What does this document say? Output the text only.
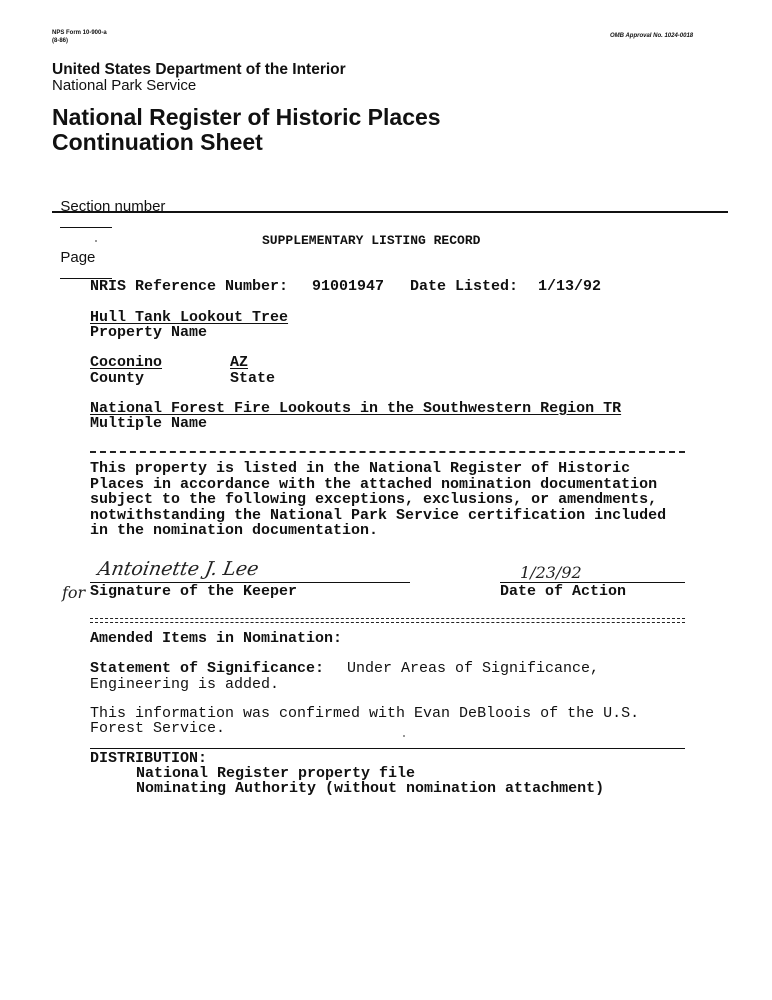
NPS Form 10-900-a
(8-86)
OMB Approval No. 1024-0018
United States Department of the Interior
National Park Service
National Register of Historic Places
Continuation Sheet

Section number

Page

SUPPLEMENTARY LISTING RECORD
NRIS Reference Number: 91001947 Date Listed: 1/13/92
Hull Tank Lookout Tree
Property Name
Coconino	AZ
County	State
National Forest Fire Lookouts in the Southwestern Region TR
Multiple Name
This property is listed in the National Register of Historic
Places in accordance with the attached nomination documentation
subject to the following exceptions, exclusions, or amendments,
notwithstanding the National Park Service certification included
in the nomination documentation.
Antoinette J. Lee
for Signature of the Keeper
1/23/92
Date of Action
Amended Items in Nomination:
Statement of Significance: Under Areas of Significance,
Engineering is added.
This information was confirmed with Evan DeBloois of the U.S.
Forest Service.
DISTRIBUTION:
National Register property file
Nominating Authority (without nomination attachment)
